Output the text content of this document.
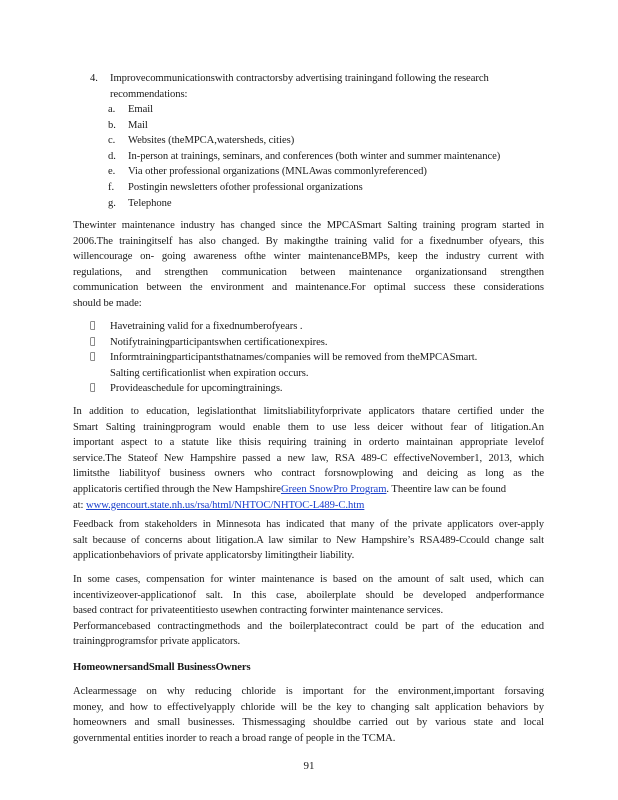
4. Improvecommunicationswith contractorsby advertising trainingand following the research
recommendations:
a. Email
b. Mail
c. Websites (theMPCA,watersheds, cities)
d. In-person at trainings, seminars, and conferences (both winter and summer maintenance)
e. Via other professional organizations (MNLAwas commonlyreferenced)
f. Postingin newsletters ofother professional organizations
g. Telephone
Thewinter maintenance industry has changed since the MPCASmart Salting training program started in
2006.The trainingitself has also changed. By makingthe training valid for a fixednumber ofyears, this
willencourage on- going awareness ofthe winter maintenanceBMPs, keep the industry current with
regulations, and strengthen communication between maintenance organizationsand strengthen
communication between the environment and maintenance.For optimal success these considerations
should be made:
Havetraining valid for a fixednumberofyears .
Notifytrainingparticipantswhen certificationexpires.
Informtrainingparticipantsthatnames/companies will be removed from theMPCASmart.
Salting certificationlist when expiration occurs.
Provideaschedule for upcomingtrainings.
In addition to education, legislationthat limitsliabilityforprivate applicators thatare certified under the
Smart Salting trainingprogram would enable them to use less deicer without fear of litigation.An
important aspect to a statute like thisis requiring training in orderto maintainan appropriate levelof
service.The Stateof New Hampshire passed a new law, RSA 489-C effectiveNovember1, 2013, which
limitsthe liabilityof business owners who contract forsnowplowing and deicing as long as the
applicatoris certified through the New HampshireGreen SnowPro Program. Theentire law can be found
at: www.gencourt.state.nh.us/rsa/html/NHTOC/NHTOC-L489-C.htm
Feedback from stakeholders in Minnesota has indicated that many of the private applicators over-apply
salt because of concerns about litigation.A law similar to New Hampshire’s RSA489-Ccould change salt
applicationbehaviors of private applicatorsby limitingtheir liability.
In some cases, compensation for winter maintenance is based on the amount of salt used, which can
incentivizeover-applicationof salt. In this case, aboilerplate should be developed andperformance
based contract for privateentitiesto usewhen contracting forwinter maintenance services.
Performancebased contractingmethods and the boilerplatecontract could be part of the education and
trainingprogramsfor private applicators.
HomeownersandSmall BusinessOwners
Aclearmessage on why reducing chloride is important for the environment,important forsaving
money, and how to effectivelyapply chloride will be the key to changing salt application behaviors by
homeowners and small businesses. Thismessaging shouldbe carried out by various state and local
governmental entities inorder to reach a broad range of people in the TCMA.
91
